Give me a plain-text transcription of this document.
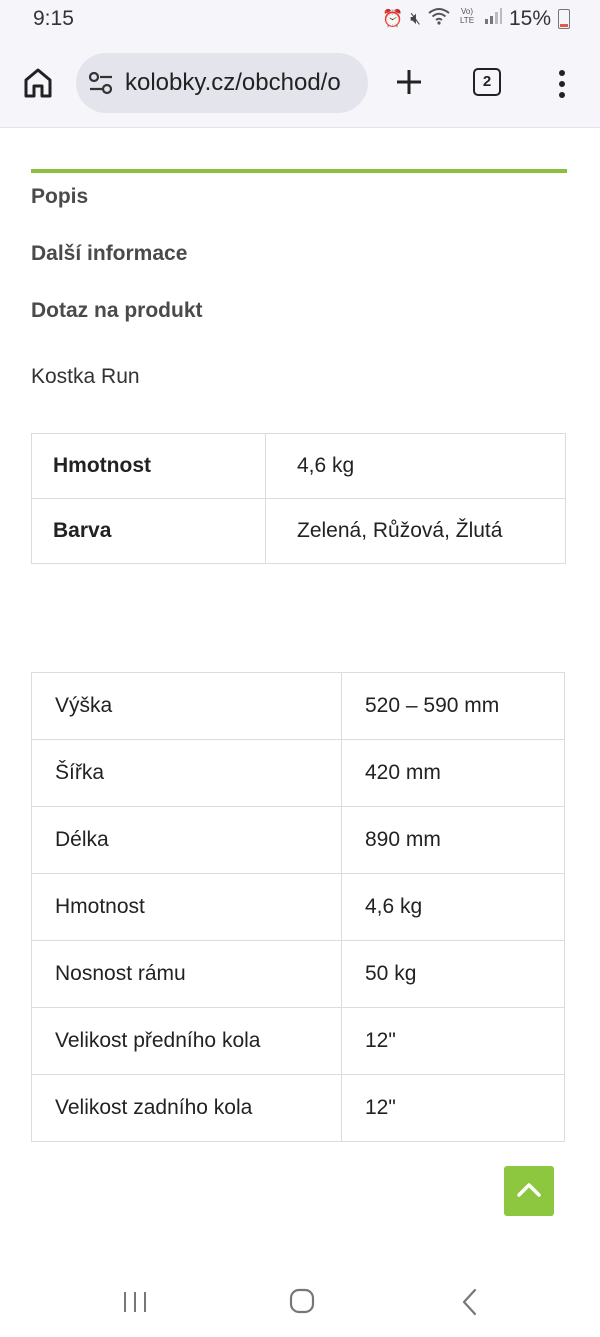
9:15	⏰ 🔇︎	Vo)
LTE 15%
kolobky.cz/obchod/o	2
Popis
Další informace
Dotaz na produkt
Kostka Run
Hmotnost	4,6 kg
Barva	Zelená, Růžová, Žlutá
Výška	520 – 590 mm
Šířka	420 mm
Délka	890 mm
Hmotnost	4,6 kg
Nosnost rámu	50 kg
Velikost předního kola	12"
Velikost zadního kola	12"
